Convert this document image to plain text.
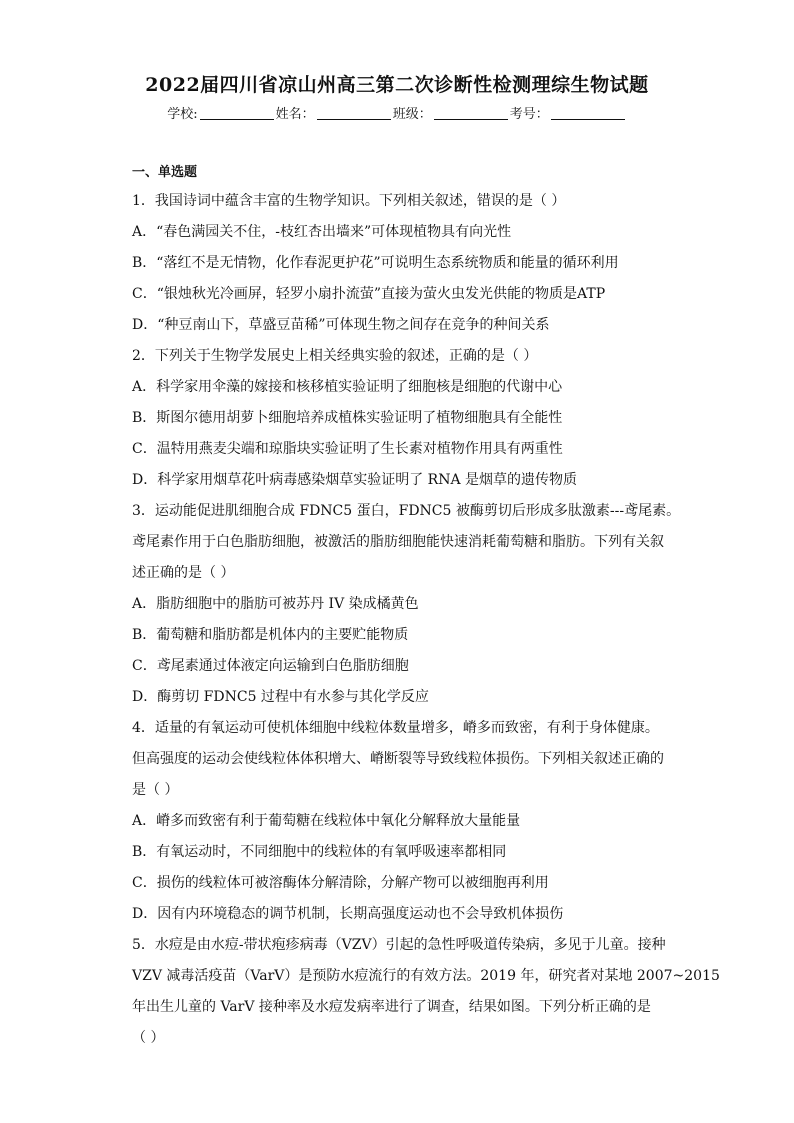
2022届四川省凉山州高三第二次诊断性检测理综生物试题
学校:	姓名：	班级：	考号：
一、单选题
1．我国诗词中蕴含丰富的生物学知识。下列相关叙述，错误的是（ ）
A．“春色满园关不住，-枝红杏出墙来”可体现植物具有向光性
B．“落红不是无情物，化作春泥更护花”可说明生态系统物质和能量的循环利用
C．“银烛秋光冷画屏，轻罗小扇扑流萤”直接为萤火虫发光供能的物质是ATP
D．“种豆南山下，草盛豆苗稀”可体现生物之间存在竞争的种间关系
2．下列关于生物学发展史上相关经典实验的叙述，正确的是（ ）
A．科学家用伞藻的嫁接和核移植实验证明了细胞核是细胞的代谢中心
B．斯图尔德用胡萝卜细胞培养成植株实验证明了植物细胞具有全能性
C．温特用燕麦尖端和琼脂块实验证明了生长素对植物作用具有两重性
D．科学家用烟草花叶病毒感染烟草实验证明了 RNA 是烟草的遗传物质
3．运动能促进肌细胞合成 FDNC5 蛋白，FDNC5 被酶剪切后形成多肽激素---鸢尾素。
鸢尾素作用于白色脂肪细胞，被激活的脂肪细胞能快速消耗葡萄糖和脂肪。下列有关叙
述正确的是（ ）
A．脂肪细胞中的脂肪可被苏丹 IV 染成橘黄色
B．葡萄糖和脂肪都是机体内的主要贮能物质
C．鸢尾素通过体液定向运输到白色脂肪细胞
D．酶剪切 FDNC5 过程中有水参与其化学反应
4．适量的有氧运动可使机体细胞中线粒体数量增多，嵴多而致密，有利于身体健康。
但高强度的运动会使线粒体体积增大、嵴断裂等导致线粒体损伤。下列相关叙述正确的
是（ ）
A．嵴多而致密有利于葡萄糖在线粒体中氧化分解释放大量能量
B．有氧运动时，不同细胞中的线粒体的有氧呼吸速率都相同
C．损伤的线粒体可被溶酶体分解清除，分解产物可以被细胞再利用
D．因有内环境稳态的调节机制，长期高强度运动也不会导致机体损伤
5．水痘是由水痘-带状疱疹病毒（VZV）引起的急性呼吸道传染病，多见于儿童。接种
VZV 减毒活疫苗（VarV）是预防水痘流行的有效方法。2019 年，研究者对某地 2007~2015
年出生儿童的 VarV 接种率及水痘发病率进行了调查，结果如图。下列分析正确的是
（ ）
